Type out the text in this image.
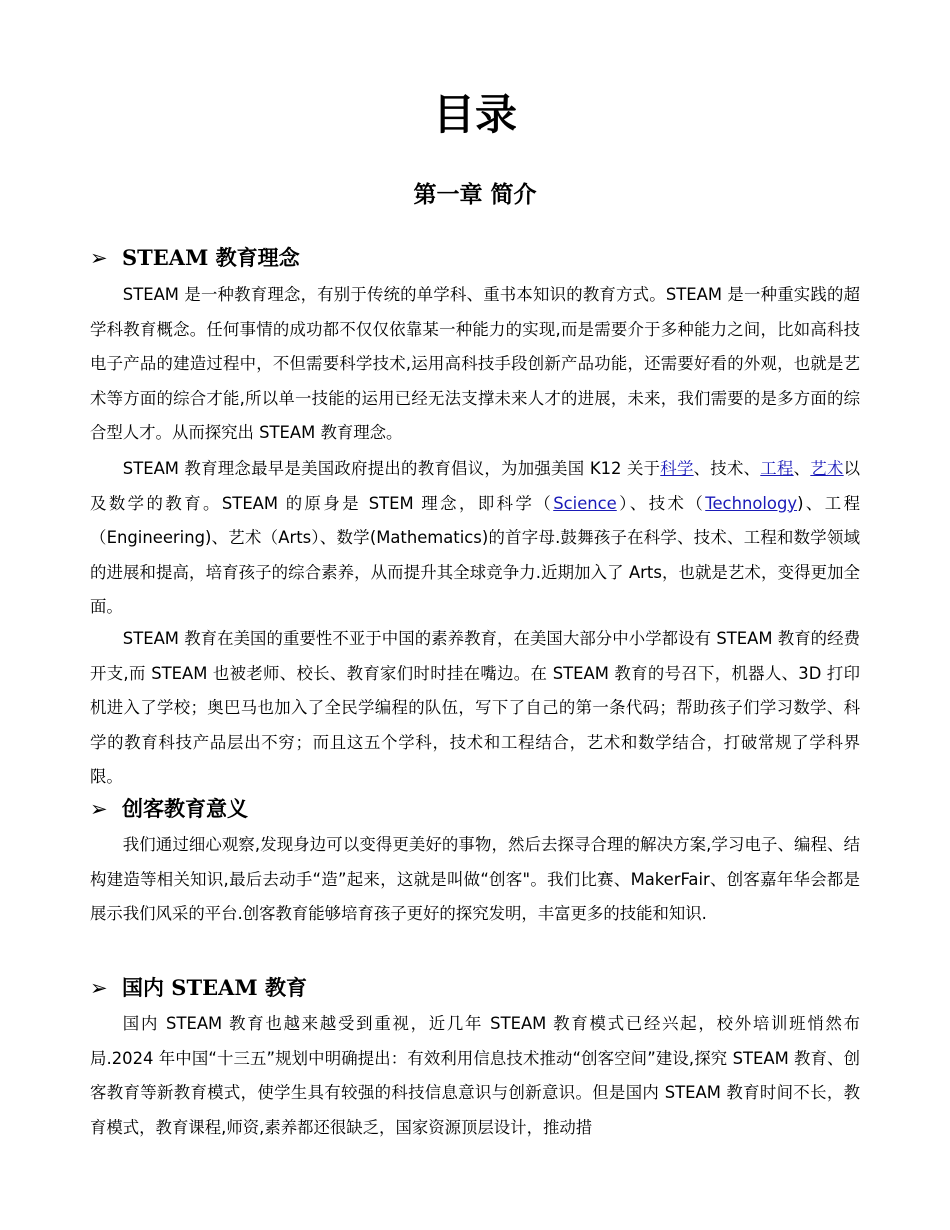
目录
第一章 简介
➢ STEAM 教育理念
STEAM 是一种教育理念，有别于传统的单学科、重书本知识的教育方式。STEAM 是一种重实践的超学科教育概念。任何事情的成功都不仅仅依靠某一种能力的实现,而是需要介于多种能力之间，比如高科技电子产品的建造过程中，不但需要科学技术,运用高科技手段创新产品功能，还需要好看的外观，也就是艺术等方面的综合才能,所以单一技能的运用已经无法支撑未来人才的进展，未来，我们需要的是多方面的综合型人才。从而探究出 STEAM 教育理念。
STEAM 教育理念最早是美国政府提出的教育倡议，为加强美国 K12 关于科学、技术、工程、艺术以及数学的教育。STEAM 的原身是 STEM 理念，即科学（Science）、技术（Technology)、工程（Engineering)、艺术（Arts）、数学(Mathematics)的首字母.鼓舞孩子在科学、技术、工程和数学领域的进展和提高，培育孩子的综合素养，从而提升其全球竞争力.近期加入了 Arts，也就是艺术，变得更加全面。
STEAM 教育在美国的重要性不亚于中国的素养教育，在美国大部分中小学都设有 STEAM 教育的经费开支,而 STEAM 也被老师、校长、教育家们时时挂在嘴边。在 STEAM 教育的号召下，机器人、3D 打印机进入了学校；奥巴马也加入了全民学编程的队伍，写下了自己的第一条代码；帮助孩子们学习数学、科学的教育科技产品层出不穷；而且这五个学科，技术和工程结合，艺术和数学结合，打破常规了学科界限。
➢ 创客教育意义
我们通过细心观察,发现身边可以变得更美好的事物，然后去探寻合理的解决方案,学习电子、编程、结构建造等相关知识,最后去动手“造”起来，这就是叫做“创客"。我们比赛、MakerFair、创客嘉年华会都是展示我们风采的平台.创客教育能够培育孩子更好的探究发明，丰富更多的技能和知识.
➢ 国内 STEAM 教育
国内 STEAM 教育也越来越受到重视，近几年 STEAM 教育模式已经兴起，校外培训班悄然布局.2024 年中国“十三五”规划中明确提出：有效利用信息技术推动“创客空间”建设,探究 STEAM 教育、创客教育等新教育模式，使学生具有较强的科技信息意识与创新意识。但是国内 STEAM 教育时间不长，教育模式，教育课程,师资,素养都还很缺乏，国家资源顶层设计，推动措
